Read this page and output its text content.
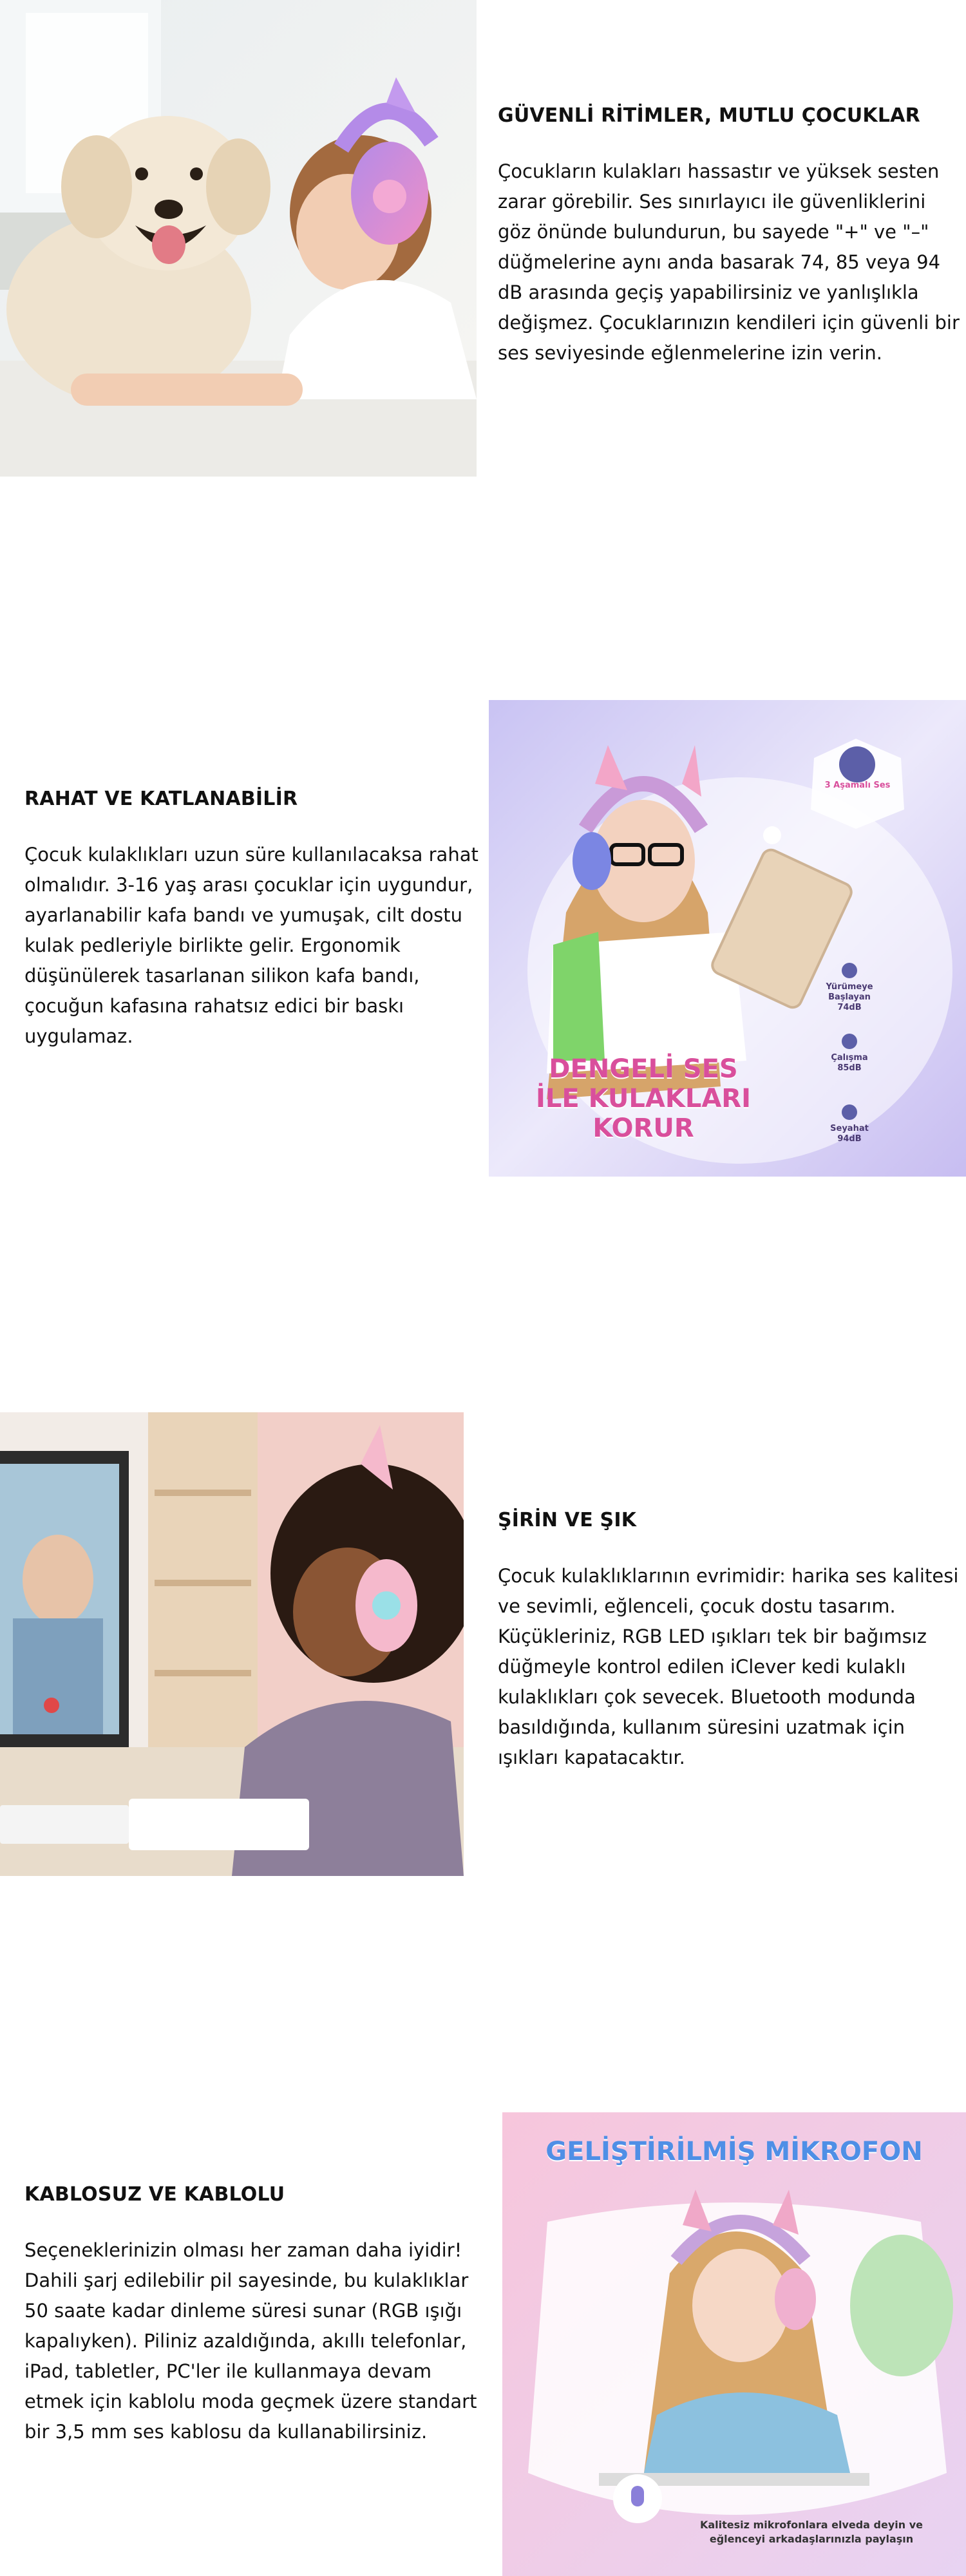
GÜVENLİ RİTİMLER, MUTLU ÇOCUKLAR

Çocukların kulakları hassastır ve yüksek sesten zarar görebilir. Ses sınırlayıcı ile güvenliklerini göz önünde bulundurun, bu sayede "+" ve "–" düğmelerine aynı anda basarak 74, 85 veya 94 dB arasında geçiş yapabilirsiniz ve yanlışlıkla değişmez. Çocuklarınızın kendileri için güvenli bir ses seviyesinde eğlenmelerine izin verin.

RAHAT VE KATLANABİLİR

Çocuk kulaklıkları uzun süre kullanılacaksa rahat olmalıdır. 3-16 yaş arası çocuklar için uygundur, ayarlanabilir kafa bandı ve yumuşak, cilt dostu kulak pedleriyle birlikte gelir. Ergonomik düşünülerek tasarlanan silikon kafa bandı, çocuğun kafasına rahatsız edici bir baskı uygulamaz.

3 Aşamalı Ses
DENGELİ SES
İLE KULAKLARI
KORUR
Yürümeye Başlayan
74dB
Çalışma
85dB
Seyahat
94dB
ŞİRİN VE ŞIK

Çocuk kulaklıklarının evrimidir: harika ses kalitesi ve sevimli, eğlenceli, çocuk dostu tasarım. Küçükleriniz, RGB LED ışıkları tek bir bağımsız düğmeyle kontrol edilen iClever kedi kulaklı kulaklıkları çok sevecek. Bluetooth modunda basıldığında, kullanım süresini uzatmak için ışıkları kapatacaktır.

KABLOSUZ VE KABLOLU

Seçeneklerinizin olması her zaman daha iyidir! Dahili şarj edilebilir pil sayesinde, bu kulaklıklar 50 saate kadar dinleme süresi sunar (RGB ışığı kapalıyken). Piliniz azaldığında, akıllı telefonlar, iPad, tabletler, PC'ler ile kullanmaya devam etmek için kablolu moda geçmek üzere standart bir 3,5 mm ses kablosu da kullanabilirsiniz.

GELİŞTİRİLMİŞ MİKROFON
Kalitesiz mikrofonlara elveda deyin ve
eğlenceyi arkadaşlarınızla paylaşın
